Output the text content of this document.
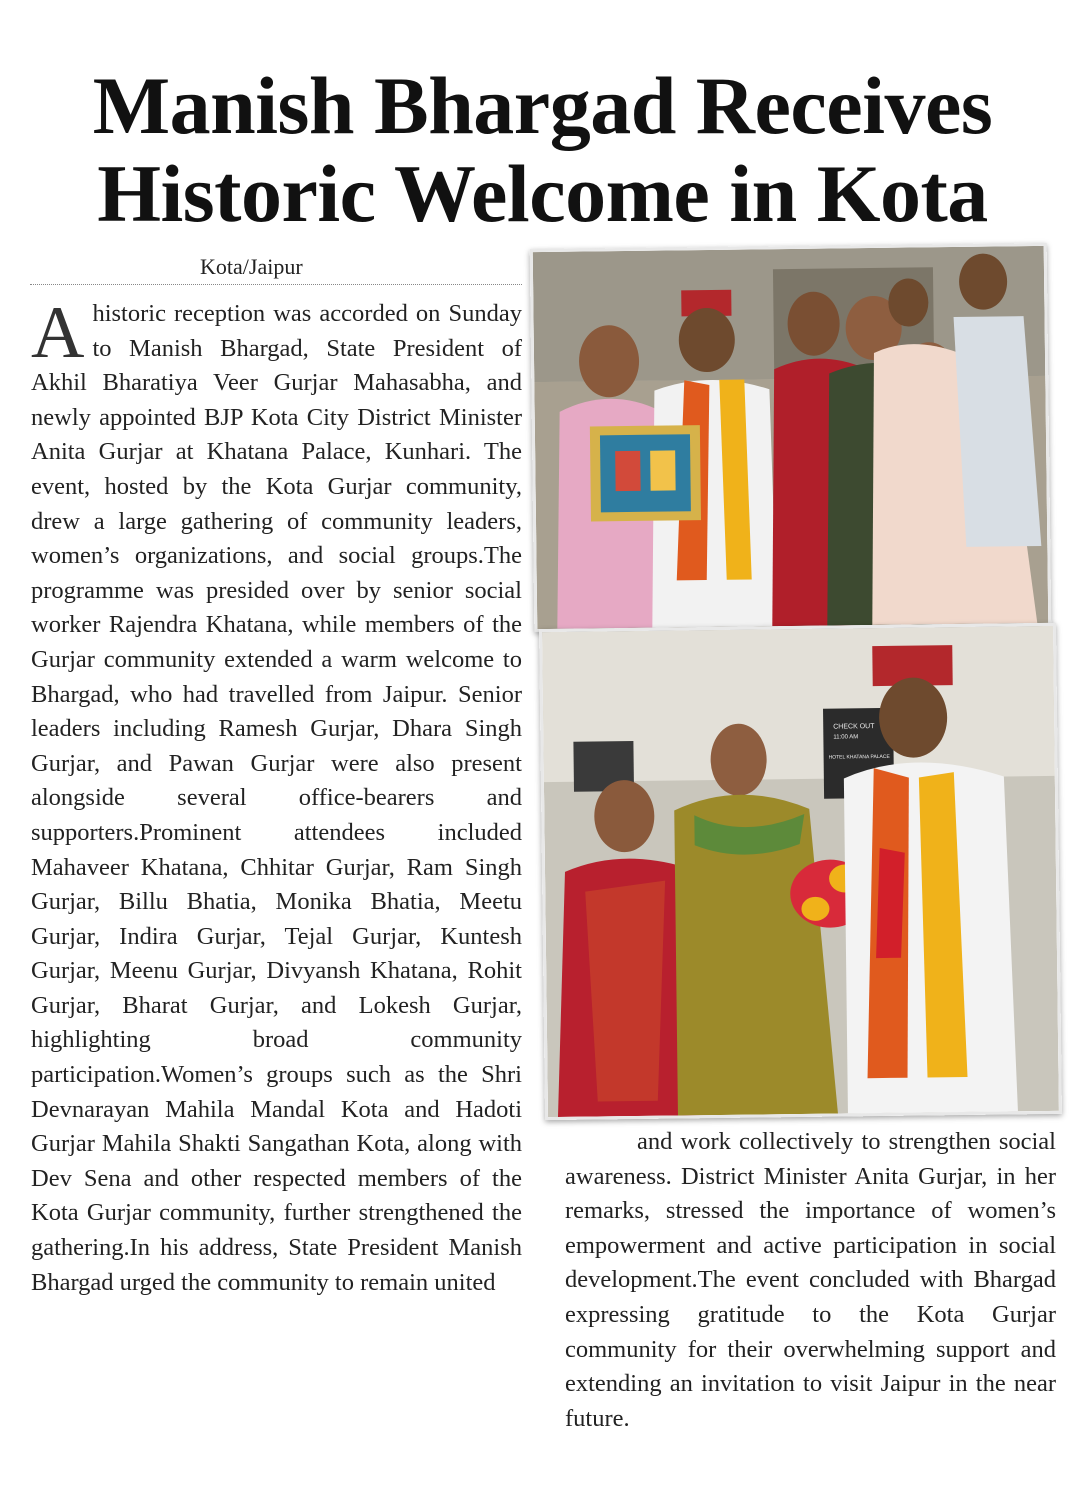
Manish Bhargad Receives
Historic Welcome in Kota
Kota/Jaipur

A historic reception was accorded on Sunday to Manish Bhargad, State President of Akhil Bharatiya Veer Gurjar Mahasabha, and newly appointed BJP Kota City District Minister Anita Gurjar at Khatana Palace, Kunhari. The event, hosted by the Kota Gurjar community, drew a large gathering of community leaders, women’s organizations, and social groups.The programme was presided over by senior social worker Rajendra Khatana, while members of the Gurjar community extended a warm welcome to Bhargad, who had travelled from Jaipur. Senior leaders including Ramesh Gurjar, Dhara Singh Gurjar, and Pawan Gurjar were also present alongside several office-bearers and supporters.Prominent attendees included Mahaveer Khatana, Chhitar Gurjar, Ram Singh Gurjar, Billu Bhatia, Monika Bhatia, Meetu Gurjar, Indira Gurjar, Tejal Gurjar, Kuntesh Gurjar, Meenu Gurjar, Divyansh Khatana, Rohit Gurjar, Bharat Gurjar, and Lokesh Gurjar, highlighting broad community participation.Women’s groups such as the Shri Devnarayan Mahila Mandal Kota and Hadoti Gurjar Mahila Shakti Sangathan Kota, along with Dev Sena and other respected members of the Kota Gurjar community, further strengthened the gathering.In his address, State President Manish Bhargad urged the community to remain united

and work collectively to strengthen social awareness. District Minister Anita Gurjar, in her remarks, stressed the importance of women’s empowerment and active participation in social development.The event concluded with Bhargad expressing gratitude to the Kota Gurjar community for their overwhelming support and extending an invitation to visit Jaipur in the near future.

CHECK OUT
11:00 AM
HOTEL KHATANA PALACE
